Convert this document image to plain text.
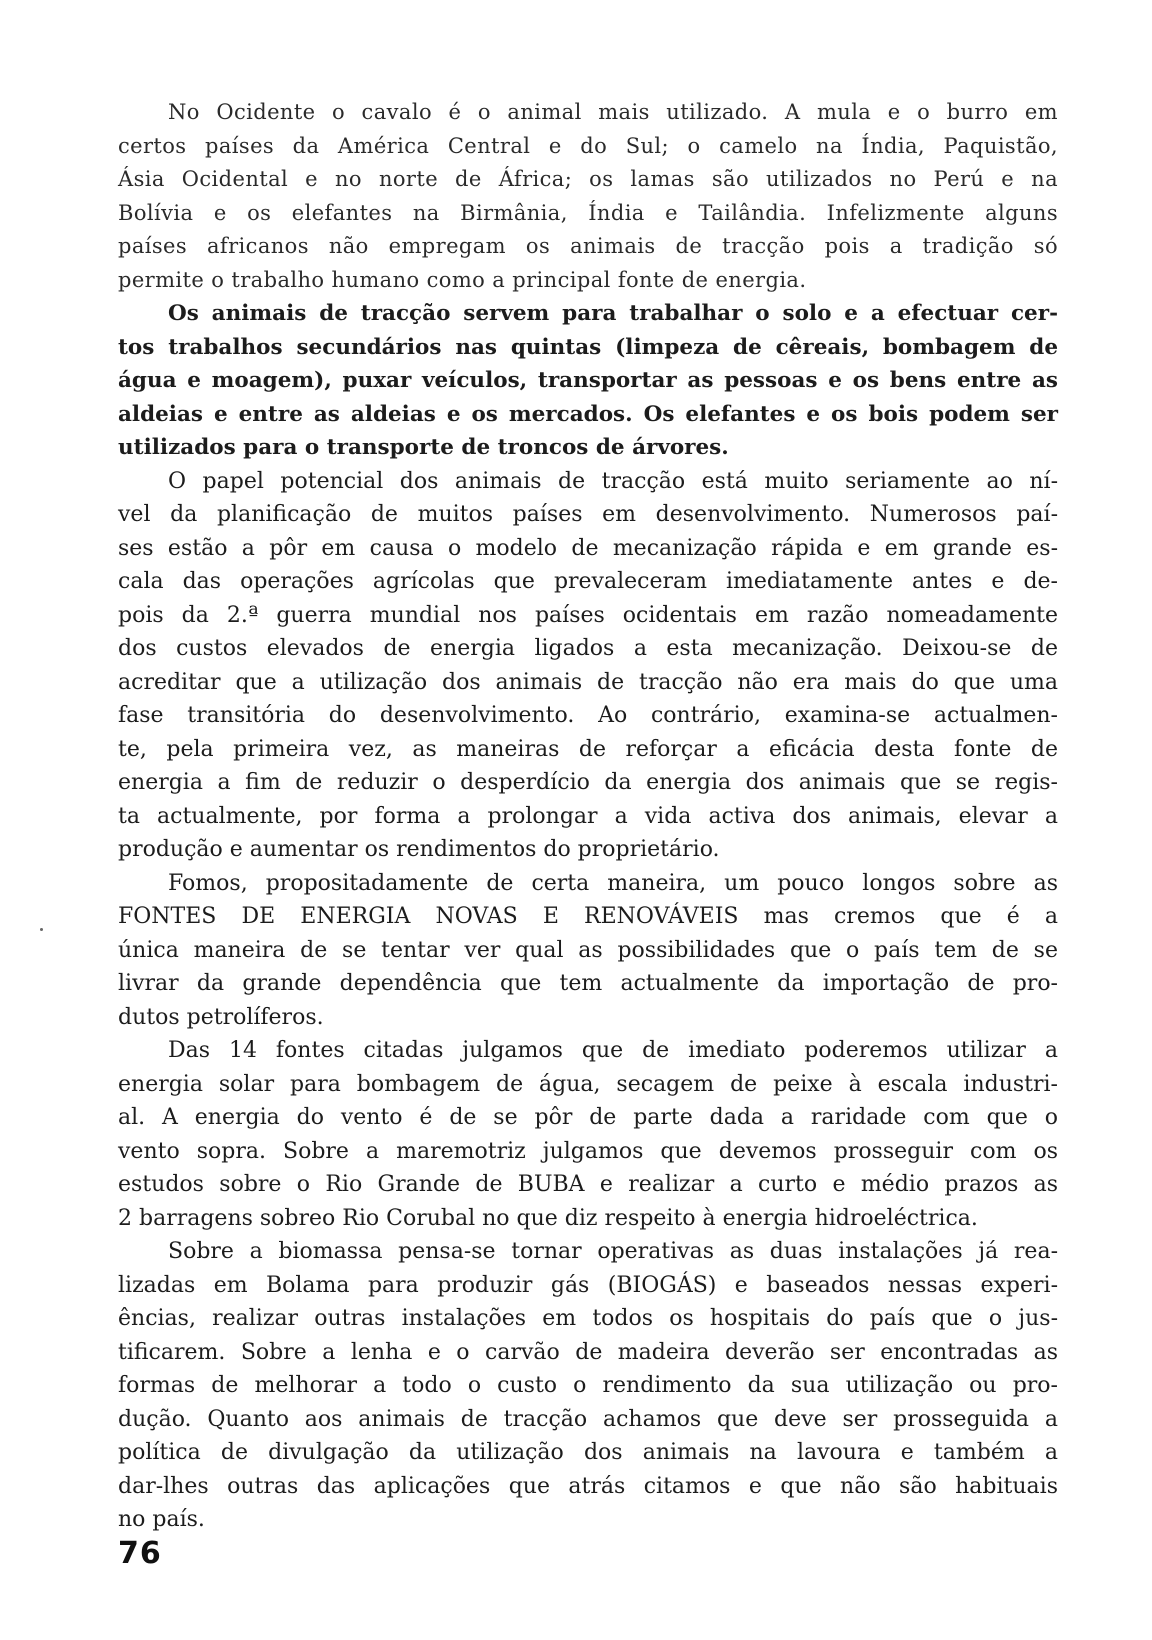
No Ocidente o cavalo é o animal mais utilizado. A mula e o burro em
certos países da América Central e do Sul; o camelo na Índia, Paquistão,
Ásia Ocidental e no norte de África; os lamas são utilizados no Perú e na
Bolívia e os elefantes na Birmânia, Índia e Tailândia. Infelizmente alguns
países africanos não empregam os animais de tracção pois a tradição só
permite o trabalho humano como a principal fonte de energia.
Os animais de tracção servem para trabalhar o solo e a efectuar cer-
tos trabalhos secundários nas quintas (limpeza de cêreais, bombagem de
água e moagem), puxar veículos, transportar as pessoas e os bens entre as
aldeias e entre as aldeias e os mercados. Os elefantes e os bois podem ser
utilizados para o transporte de troncos de árvores.
O papel potencial dos animais de tracção está muito seriamente ao ní-
vel da planificação de muitos países em desenvolvimento. Numerosos paí-
ses estão a pôr em causa o modelo de mecanização rápida e em grande es-
cala das operações agrícolas que prevaleceram imediatamente antes e de-
pois da 2.ª guerra mundial nos países ocidentais em razão nomeadamente
dos custos elevados de energia ligados a esta mecanização. Deixou-se de
acreditar que a utilização dos animais de tracção não era mais do que uma
fase transitória do desenvolvimento. Ao contrário, examina-se actualmen-
te, pela primeira vez, as maneiras de reforçar a eficácia desta fonte de
energia a fim de reduzir o desperdício da energia dos animais que se regis-
ta actualmente, por forma a prolongar a vida activa dos animais, elevar a
produção e aumentar os rendimentos do proprietário.
Fomos, propositadamente de certa maneira, um pouco longos sobre as
FONTES DE ENERGIA NOVAS E RENOVÁVEIS mas cremos que é a
única maneira de se tentar ver qual as possibilidades que o país tem de se
livrar da grande dependência que tem actualmente da importação de pro-
dutos petrolíferos.
Das 14 fontes citadas julgamos que de imediato poderemos utilizar a
energia solar para bombagem de água, secagem de peixe à escala industri-
al. A energia do vento é de se pôr de parte dada a raridade com que o
vento sopra. Sobre a maremotriz julgamos que devemos prosseguir com os
estudos sobre o Rio Grande de BUBA e realizar a curto e médio prazos as
2 barragens sobreo Rio Corubal no que diz respeito à energia hidroeléctrica.
Sobre a biomassa pensa-se tornar operativas as duas instalações já rea-
lizadas em Bolama para produzir gás (BIOGÁS) e baseados nessas experi-
ências, realizar outras instalações em todos os hospitais do país que o jus-
tificarem. Sobre a lenha e o carvão de madeira deverão ser encontradas as
formas de melhorar a todo o custo o rendimento da sua utilização ou pro-
dução. Quanto aos animais de tracção achamos que deve ser prosseguida a
política de divulgação da utilização dos animais na lavoura e também a
dar-lhes outras das aplicações que atrás citamos e que não são habituais
no país.
76
